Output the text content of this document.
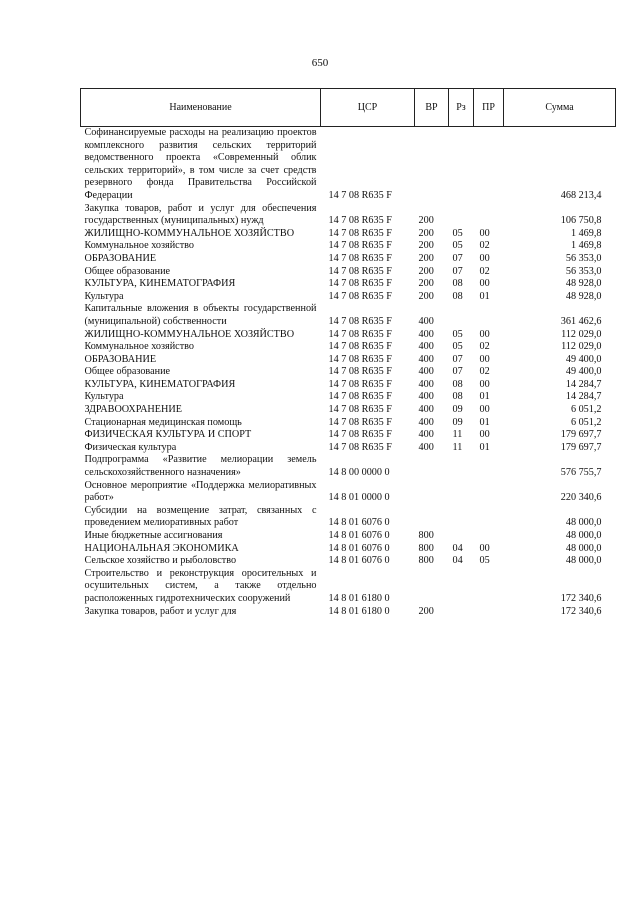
650
Наименование	ЦСР	ВР	Рз	ПР	Сумма
Софинансируемые расходы на реализацию проектов комплексного развития сельских территорий ведомственного проекта «Современный облик сельских территорий», в том числе за счет средств резервного фонда Правительства Российской Федерации	14 7 08 R635 F				468 213,4
Закупка товаров, работ и услуг для обеспечения государственных (муниципальных) нужд	14 7 08 R635 F	200			106 750,8
ЖИЛИЩНО-КОММУНАЛЬНОЕ ХОЗЯЙСТВО	14 7 08 R635 F	200	05	00	1 469,8
Коммунальное хозяйство	14 7 08 R635 F	200	05	02	1 469,8
ОБРАЗОВАНИЕ	14 7 08 R635 F	200	07	00	56 353,0
Общее образование	14 7 08 R635 F	200	07	02	56 353,0
КУЛЬТУРА, КИНЕМАТОГРАФИЯ	14 7 08 R635 F	200	08	00	48 928,0
Культура	14 7 08 R635 F	200	08	01	48 928,0
Капитальные вложения в объекты государственной (муниципальной) собственности	14 7 08 R635 F	400			361 462,6
ЖИЛИЩНО-КОММУНАЛЬНОЕ ХОЗЯЙСТВО	14 7 08 R635 F	400	05	00	112 029,0
Коммунальное хозяйство	14 7 08 R635 F	400	05	02	112 029,0
ОБРАЗОВАНИЕ	14 7 08 R635 F	400	07	00	49 400,0
Общее образование	14 7 08 R635 F	400	07	02	49 400,0
КУЛЬТУРА, КИНЕМАТОГРАФИЯ	14 7 08 R635 F	400	08	00	14 284,7
Культура	14 7 08 R635 F	400	08	01	14 284,7
ЗДРАВООХРАНЕНИЕ	14 7 08 R635 F	400	09	00	6 051,2
Стационарная медицинская помощь	14 7 08 R635 F	400	09	01	6 051,2
ФИЗИЧЕСКАЯ КУЛЬТУРА И СПОРТ	14 7 08 R635 F	400	11	00	179 697,7
Физическая культура	14 7 08 R635 F	400	11	01	179 697,7
Подпрограмма «Развитие мелиорации земель сельскохозяйственного назначения»	14 8 00 0000 0				576 755,7
Основное мероприятие «Поддержка мелиоративных работ»	14 8 01 0000 0				220 340,6
Субсидии на возмещение затрат, связанных с проведением мелиоративных работ	14 8 01 6076 0				48 000,0
Иные бюджетные ассигнования	14 8 01 6076 0	800			48 000,0
НАЦИОНАЛЬНАЯ ЭКОНОМИКА	14 8 01 6076 0	800	04	00	48 000,0
Сельское хозяйство и рыболовство	14 8 01 6076 0	800	04	05	48 000,0
Строительство и реконструкция оросительных и осушительных систем, а также отдельно расположенных гидротехнических сооружений	14 8 01 6180 0				172 340,6
Закупка товаров, работ и услуг для	14 8 01 6180 0	200			172 340,6
